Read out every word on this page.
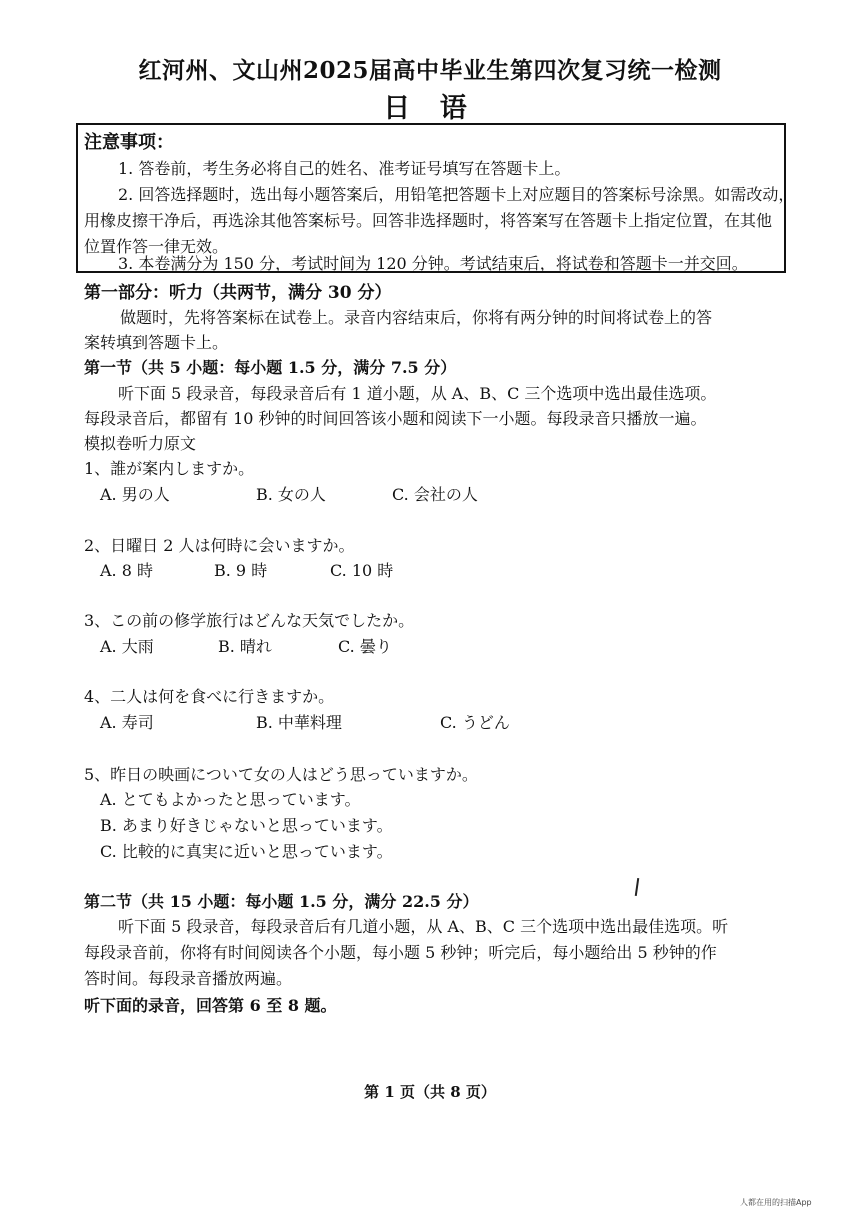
红河州、文山州2025届高中毕业生第四次复习统一检测
日 语
注意事项：
1. 答卷前，考生务必将自己的姓名、准考证号填写在答题卡上。
2. 回答选择题时，选出每小题答案后，用铅笔把答题卡上对应题目的答案标号涂黑。如需改动，
用橡皮擦干净后，再选涂其他答案标号。回答非选择题时，将答案写在答题卡上指定位置，在其他
位置作答一律无效。
3. 本卷满分为 150 分，考试时间为 120 分钟。考试结束后，将试卷和答题卡一并交回。
第一部分：听力（共两节，满分 30 分）
做题时，先将答案标在试卷上。录音内容结束后，你将有两分钟的时间将试卷上的答
案转填到答题卡上。
第一节（共 5 小题：每小题 1.5 分，满分 7.5 分）
听下面 5 段录音，每段录音后有 1 道小题，从 A、B、C 三个选项中选出最佳选项。
每段录音后，都留有 10 秒钟的时间回答该小题和阅读下一小题。每段录音只播放一遍。
模拟卷听力原文
1、誰が案内しますか。
A. 男の人	B. 女の人	C. 会社の人
2、日曜日 2 人は何時に会いますか。
A. 8 時	B. 9 時	C. 10 時
3、この前の修学旅行はどんな天気でしたか。
A. 大雨	B. 晴れ	C. 曇り
4、二人は何を食べに行きますか。
A. 寿司	B. 中華料理	C. うどん
5、昨日の映画について女の人はどう思っていますか。
A. とてもよかったと思っています。
B. あまり好きじゃないと思っています。
C. 比較的に真実に近いと思っています。
第二节（共 15 小题：每小题 1.5 分，满分 22.5 分）
听下面 5 段录音，每段录音后有几道小题，从 A、B、C 三个选项中选出最佳选项。听
每段录音前，你将有时间阅读各个小题，每小题 5 秒钟；听完后，每小题给出 5 秒钟的作
答时间。每段录音播放两遍。
听下面的录音，回答第 6 至 8 题。
第 1 页（共 8 页）
人都在用的扫描App
